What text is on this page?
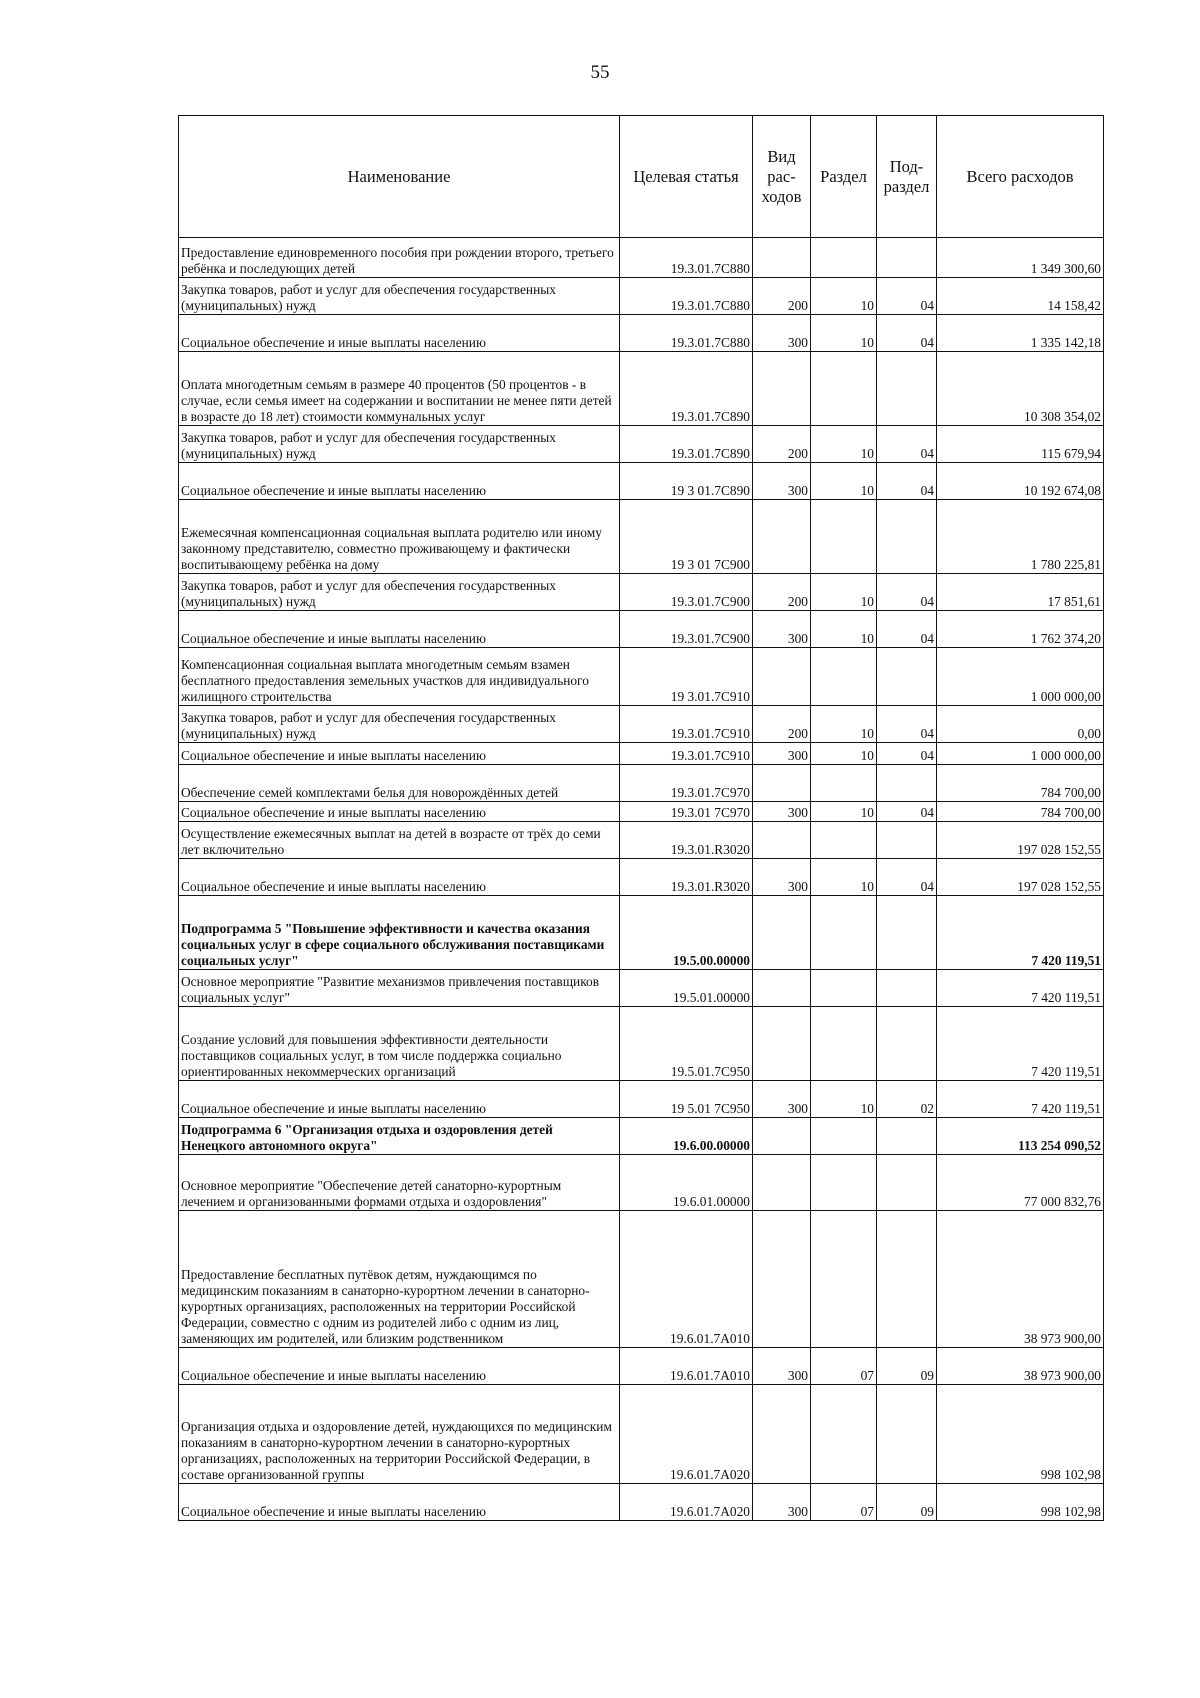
55
Наименование	Целевая статья	Вид рас-ходов	Раздел	Под-раздел	Всего расходов
Предоставление единовременного пособия при рождении второго, третьего ребёнка и последующих детей	19.3.01.7С880				1 349 300,60
Закупка товаров, работ и услуг для обеспечения государственных (муниципальных) нужд	19.3.01.7С880	200	10	04	14 158,42
Социальное обеспечение и иные выплаты населению	19.3.01.7С880	300	10	04	1 335 142,18
Оплата многодетным семьям в размере 40 процентов (50 процентов - в случае, если семья имеет на содержании и воспитании не менее пяти детей в возрасте до 18 лет) стоимости коммунальных услуг	19.3.01.7С890				10 308 354,02
Закупка товаров, работ и услуг для обеспечения государственных (муниципальных) нужд	19.3.01.7С890	200	10	04	115 679,94
Социальное обеспечение и иные выплаты населению	19 3 01.7С890	300	10	04	10 192 674,08
Ежемесячная компенсационная социальная выплата родителю или иному законному представителю, совместно проживающему и фактически воспитывающему ребёнка на дому	19 3 01 7С900				1 780 225,81
Закупка товаров, работ и услуг для обеспечения государственных (муниципальных) нужд	19.3.01.7С900	200	10	04	17 851,61
Социальное обеспечение и иные выплаты населению	19.3.01.7С900	300	10	04	1 762 374,20
Компенсационная социальная выплата многодетным семьям взамен бесплатного предоставления земельных участков для индивидуального жилищного строительства	19 3.01.7С910				1 000 000,00
Закупка товаров, работ и услуг для обеспечения государственных (муниципальных) нужд	19.3.01.7С910	200	10	04	0,00
Социальное обеспечение и иные выплаты населению	19.3.01.7С910	300	10	04	1 000 000,00
Обеспечение семей комплектами белья для новорождённых детей	19.3.01.7С970				784 700,00
Социальное обеспечение и иные выплаты населению	19.3.01 7С970	300	10	04	784 700,00
Осуществление ежемесячных выплат на детей в возрасте от трёх до семи лет включительно	19.3.01.R3020				197 028 152,55
Социальное обеспечение и иные выплаты населению	19.3.01.R3020	300	10	04	197 028 152,55
Подпрограмма 5 "Повышение эффективности и качества оказания социальных услуг в сфере социального обслуживания поставщиками социальных услуг"	19.5.00.00000				7 420 119,51
Основное мероприятие "Развитие механизмов привлечения поставщиков социальных услуг"	19.5.01.00000				7 420 119,51
Создание условий для повышения эффективности деятельности поставщиков социальных услуг, в том числе поддержка социально ориентированных некоммерческих организаций	19.5.01.7С950				7 420 119,51
Социальное обеспечение и иные выплаты населению	19 5.01 7С950	300	10	02	7 420 119,51
Подпрограмма 6 "Организация отдыха и оздоровления детей Ненецкого автономного округа"	19.6.00.00000				113 254 090,52
Основное мероприятие "Обеспечение детей санаторно-курортным лечением и организованными формами отдыха и оздоровления"	19.6.01.00000				77 000 832,76
Предоставление бесплатных путёвок детям, нуждающимся по медицинским показаниям в санаторно-курортном лечении в санаторно-курортных организациях, расположенных на территории Российской Федерации, совместно с одним из родителей либо с одним из лиц, заменяющих им родителей, или близким родственником	19.6.01.7А010				38 973 900,00
Социальное обеспечение и иные выплаты населению	19.6.01.7А010	300	07	09	38 973 900,00
Организация отдыха и оздоровление детей, нуждающихся по медицинским показаниям в санаторно-курортном лечении в санаторно-курортных организациях, расположенных на территории Российской Федерации, в составе организованной группы	19.6.01.7А020				998 102,98
Социальное обеспечение и иные выплаты населению	19.6.01.7А020	300	07	09	998 102,98
